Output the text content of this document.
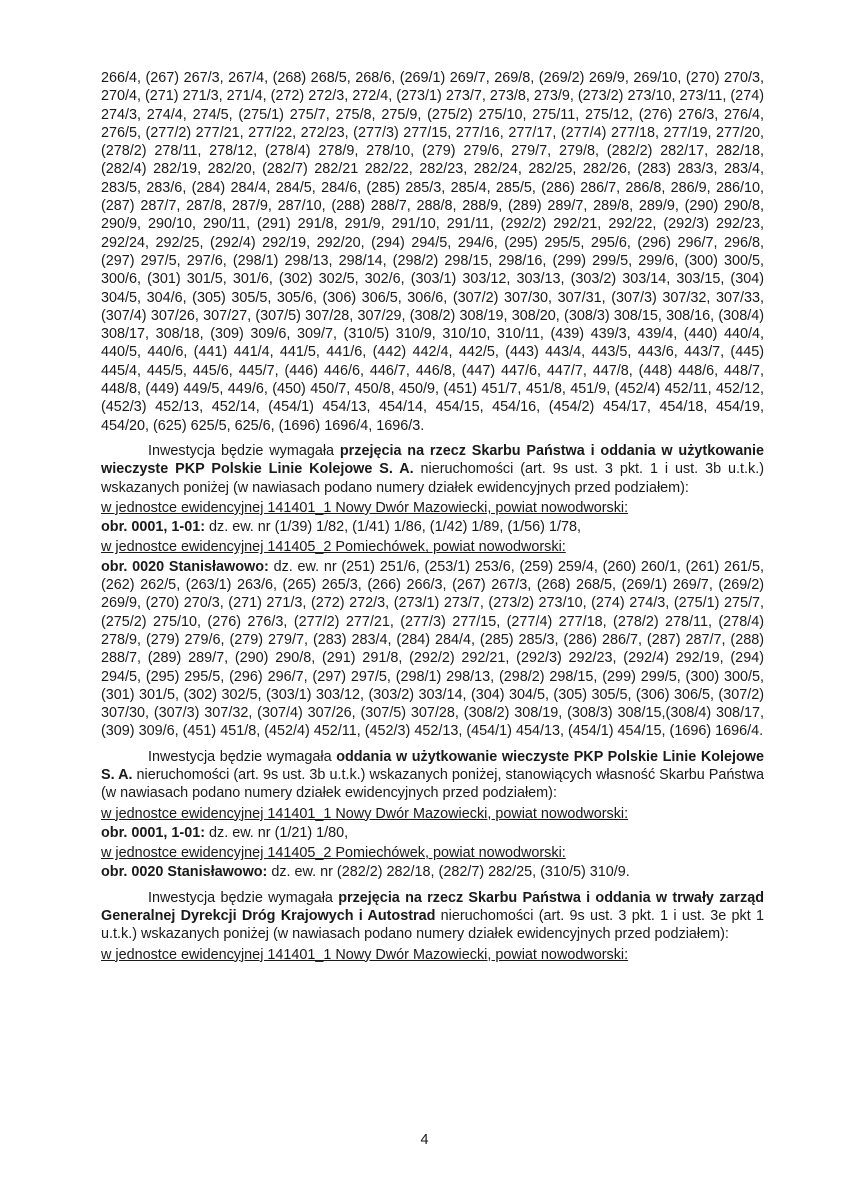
266/4, (267) 267/3, 267/4, (268) 268/5, 268/6, (269/1) 269/7, 269/8, (269/2) 269/9, 269/10, (270) 270/3, 270/4, (271) 271/3, 271/4, (272) 272/3, 272/4, (273/1) 273/7, 273/8, 273/9, (273/2) 273/10, 273/11, (274) 274/3, 274/4, 274/5, (275/1) 275/7, 275/8, 275/9, (275/2) 275/10, 275/11, 275/12, (276) 276/3, 276/4, 276/5, (277/2) 277/21, 277/22, 272/23, (277/3) 277/15, 277/16, 277/17, (277/4) 277/18, 277/19, 277/20, (278/2) 278/11, 278/12, (278/4) 278/9, 278/10, (279) 279/6, 279/7, 279/8, (282/2) 282/17, 282/18, (282/4) 282/19, 282/20, (282/7) 282/21 282/22, 282/23, 282/24, 282/25, 282/26, (283) 283/3, 283/4, 283/5, 283/6, (284) 284/4, 284/5, 284/6, (285) 285/3, 285/4, 285/5, (286) 286/7, 286/8, 286/9, 286/10, (287) 287/7, 287/8, 287/9, 287/10, (288) 288/7, 288/8, 288/9, (289) 289/7, 289/8, 289/9, (290) 290/8, 290/9, 290/10, 290/11, (291) 291/8, 291/9, 291/10, 291/11, (292/2) 292/21, 292/22, (292/3) 292/23, 292/24, 292/25, (292/4) 292/19, 292/20, (294) 294/5, 294/6, (295) 295/5, 295/6, (296) 296/7, 296/8, (297) 297/5, 297/6, (298/1) 298/13, 298/14, (298/2) 298/15, 298/16, (299) 299/5, 299/6, (300) 300/5, 300/6, (301) 301/5, 301/6, (302) 302/5, 302/6, (303/1) 303/12, 303/13, (303/2) 303/14, 303/15, (304) 304/5, 304/6, (305) 305/5, 305/6, (306) 306/5, 306/6, (307/2) 307/30, 307/31, (307/3) 307/32, 307/33, (307/4) 307/26, 307/27, (307/5) 307/28, 307/29, (308/2) 308/19, 308/20, (308/3) 308/15, 308/16, (308/4) 308/17, 308/18, (309) 309/6, 309/7, (310/5) 310/9, 310/10, 310/11, (439) 439/3, 439/4, (440) 440/4, 440/5, 440/6, (441) 441/4, 441/5, 441/6, (442) 442/4, 442/5, (443) 443/4, 443/5, 443/6, 443/7, (445) 445/4, 445/5, 445/6, 445/7, (446) 446/6, 446/7, 446/8, (447) 447/6, 447/7, 447/8, (448) 448/6, 448/7, 448/8, (449) 449/5, 449/6, (450) 450/7, 450/8, 450/9, (451) 451/7, 451/8, 451/9, (452/4) 452/11, 452/12, (452/3) 452/13, 452/14, (454/1) 454/13, 454/14, 454/15, 454/16, (454/2) 454/17, 454/18, 454/19, 454/20, (625) 625/5, 625/6, (1696) 1696/4, 1696/3.

Inwestycja będzie wymagała przejęcia na rzecz Skarbu Państwa i oddania w użytkowanie wieczyste PKP Polskie Linie Kolejowe S. A. nieruchomości (art. 9s ust. 3 pkt. 1 i ust. 3b u.t.k.) wskazanych poniżej (w nawiasach podano numery działek ewidencyjnych przed podziałem):

w jednostce ewidencyjnej 141401_1 Nowy Dwór Mazowiecki, powiat nowodworski:

obr. 0001, 1-01: dz. ew. nr (1/39) 1/82, (1/41) 1/86, (1/42) 1/89, (1/56) 1/78,

w jednostce ewidencyjnej 141405_2 Pomiechówek, powiat nowodworski:

obr. 0020 Stanisławowo: dz. ew. nr (251) 251/6, (253/1) 253/6, (259) 259/4, (260) 260/1, (261) 261/5, (262) 262/5, (263/1) 263/6, (265) 265/3, (266) 266/3, (267) 267/3, (268) 268/5, (269/1) 269/7, (269/2) 269/9, (270) 270/3, (271) 271/3, (272) 272/3, (273/1) 273/7, (273/2) 273/10, (274) 274/3, (275/1) 275/7, (275/2) 275/10, (276) 276/3, (277/2) 277/21, (277/3) 277/15, (277/4) 277/18, (278/2) 278/11, (278/4) 278/9, (279) 279/6, (279) 279/7, (283) 283/4, (284) 284/4, (285) 285/3, (286) 286/7, (287) 287/7, (288) 288/7, (289) 289/7, (290) 290/8, (291) 291/8, (292/2) 292/21, (292/3) 292/23, (292/4) 292/19, (294) 294/5, (295) 295/5, (296) 296/7, (297) 297/5, (298/1) 298/13, (298/2) 298/15, (299) 299/5, (300) 300/5, (301) 301/5, (302) 302/5, (303/1) 303/12, (303/2) 303/14, (304) 304/5, (305) 305/5, (306) 306/5, (307/2) 307/30, (307/3) 307/32, (307/4) 307/26, (307/5) 307/28, (308/2) 308/19, (308/3) 308/15,(308/4) 308/17, (309) 309/6, (451) 451/8, (452/4) 452/11, (452/3) 452/13, (454/1) 454/13, (454/1) 454/15, (1696) 1696/4.

Inwestycja będzie wymagała oddania w użytkowanie wieczyste PKP Polskie Linie Kolejowe S. A. nieruchomości (art. 9s ust. 3b u.t.k.) wskazanych poniżej, stanowiących własność Skarbu Państwa (w nawiasach podano numery działek ewidencyjnych przed podziałem):

w jednostce ewidencyjnej 141401_1 Nowy Dwór Mazowiecki, powiat nowodworski:

obr. 0001, 1-01: dz. ew. nr (1/21) 1/80,

w jednostce ewidencyjnej 141405_2 Pomiechówek, powiat nowodworski:

obr. 0020 Stanisławowo: dz. ew. nr (282/2) 282/18, (282/7) 282/25, (310/5) 310/9.

Inwestycja będzie wymagała przejęcia na rzecz Skarbu Państwa i oddania w trwały zarząd Generalnej Dyrekcji Dróg Krajowych i Autostrad nieruchomości (art. 9s ust. 3 pkt. 1 i ust. 3e pkt 1 u.t.k.) wskazanych poniżej (w nawiasach podano numery działek ewidencyjnych przed podziałem):

w jednostce ewidencyjnej 141401_1 Nowy Dwór Mazowiecki, powiat nowodworski:

4
